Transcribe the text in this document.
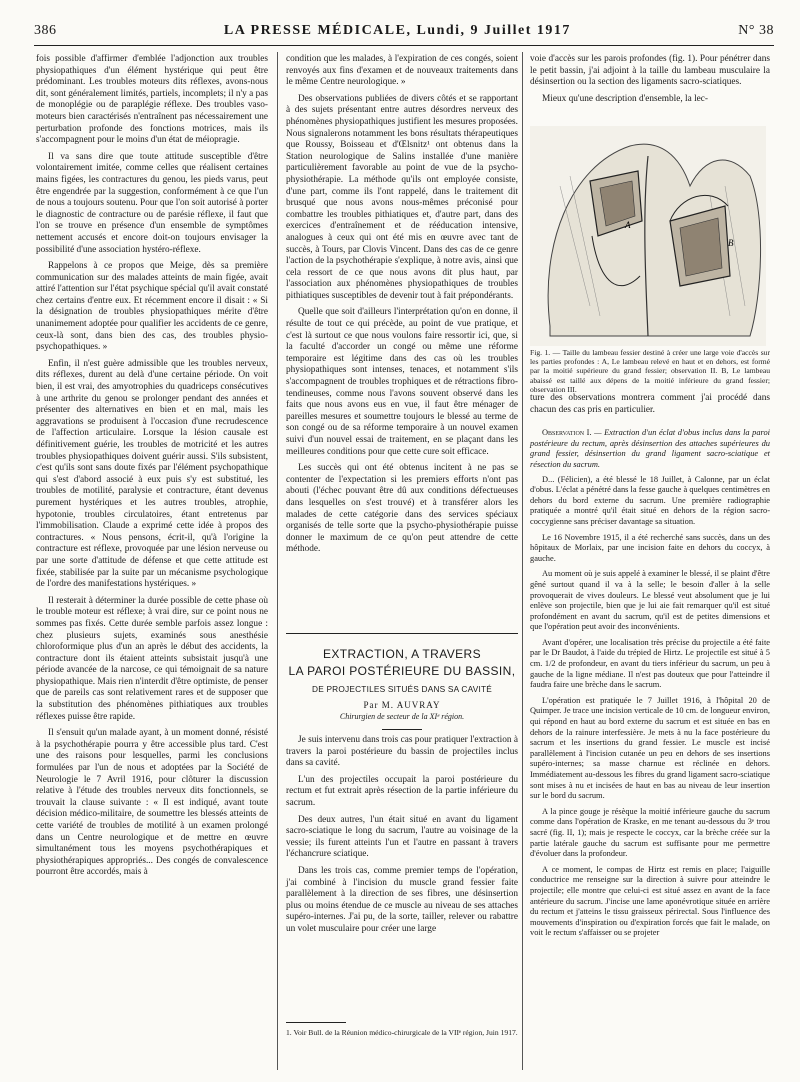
386	LA PRESSE MÉDICALE, Lundi, 9 Juillet 1917	N° 38

fois possible d'affirmer d'emblée l'adjonction aux troubles physiopathiques d'un élément hystérique qui peut être prédominant. Les troubles moteurs dits réflexes, avons-nous dit, sont généralement limités, partiels, incomplets; il n'y a pas de monoplégie ou de paraplégie réflexe. Des troubles vaso-moteurs bien caractérisés n'entraînent pas nécessairement une perturbation profonde des fonctions motrices, mais ils s'accompagnent pour le moins d'un état de méiopragie.

Il va sans dire que toute attitude susceptible d'être volontairement imitée, comme celles que réalisent certaines mains figées, les contractures du genou, les pieds varus, peut être engendrée par la suggestion, conformément à ce que l'un de nous a toujours soutenu. Pour que l'on soit autorisé à porter le diagnostic de contracture ou de parésie réflexe, il faut que l'on se trouve en présence d'un ensemble de symptômes nettement accusés et encore doit-on toujours envisager la possibilité d'une association hystéro-réflexe.

Rappelons à ce propos que Meige, dès sa première communication sur des malades atteints de main figée, avait attiré l'attention sur l'état psychique spécial qu'il avait constaté chez certains d'entre eux. Et récemment encore il disait : « Si la désignation de troubles physiopathiques mérite d'être unanimement adoptée pour qualifier les accidents de ce genre, ceux-là sont, dans bien des cas, des troubles physio-psychopathiques. »

Enfin, il n'est guère admissible que les troubles nerveux, dits réflexes, durent au delà d'une certaine période. On voit bien, il est vrai, des amyotrophies du quadriceps consécutives à une arthrite du genou se prolonger pendant des années et présenter des alternatives en bien et en mal, mais les aggravations se produisent à l'occasion d'une recrudescence de l'affection articulaire. Lorsque la lésion causale est définitivement guérie, les troubles de motricité et les autres troubles physiopathiques doivent guérir aussi. S'ils subsistent, c'est qu'ils sont sans doute fixés par l'élément psychopathique qui s'est d'abord associé à eux puis s'y est substitué, les troubles de motilité, paralysie et contracture, étant devenus purement hystériques et les autres troubles, atrophie, hypotonie, troubles circulatoires, étant entretenus par l'immobilisation. Claude a exprimé cette idée à propos des contractures. « Nous pensons, écrit-il, qu'à l'origine la contracture est réflexe, provoquée par une lésion nerveuse ou par une sorte d'attitude de défense et que cette attitude est fixée, stabilisée par la suite par un mécanisme psychologique de l'ordre des manifestations hystériques. »

Il resterait à déterminer la durée possible de cette phase où le trouble moteur est réflexe; à vrai dire, sur ce point nous ne sommes pas fixés. Cette durée semble parfois assez longue : chez plusieurs sujets, examinés sous anesthésie chloroformique plus d'un an après le début des accidents, la contracture dont ils étaient atteints subsistait jusqu'à une période avancée de la narcose, ce qui témoignait de sa nature physiopathique. Mais rien n'interdit d'être optimiste, de penser que de pareils cas sont relativement rares et de supposer que la substitution des phénomènes pithiatiques aux troubles réflexes puisse être rapide.

Il s'ensuit qu'un malade ayant, à un moment donné, résisté à la psychothérapie pourra y être accessible plus tard. C'est une des raisons pour lesquelles, parmi les conclusions formulées par l'un de nous et adoptées par la Société de Neurologie le 7 Avril 1916, pour clôturer la discussion relative à l'étude des troubles nerveux dits fonctionnels, se trouvait la clause suivante : « Il est indiqué, avant toute décision médico-militaire, de soumettre les blessés atteints de cette variété de troubles de motilité à un examen prolongé dans un Centre neurologique et de mettre en œuvre simultanément tous les moyens psychothérapiques et physiothérapiques appropriés... Des congés de convalescence pourront être accordés, mais à

condition que les malades, à l'expiration de ces congés, soient renvoyés aux fins d'examen et de nouveaux traitements dans le même Centre neurologique. »

Des observations publiées de divers côtés et se rapportant à des sujets présentant entre autres désordres nerveux des phénomènes physiopathiques justifient les mesures proposées. Nous signalerons notamment les bons résultats thérapeutiques que Roussy, Boisseau et d'Œlsnitz¹ ont obtenus dans la Station neurologique de Salins installée d'une manière particulièrement favorable au point de vue de la psycho-physiothérapie. La méthode qu'ils ont employée consiste, d'une part, comme ils l'ont rappelé, dans le traitement dit brusqué que nous avons nous-mêmes préconisé pour combattre les troubles pithiatiques et, d'autre part, dans des exercices d'entraînement et de rééducation intensive, analogues à ceux qui ont été mis en œuvre avec tant de succès, à Tours, par Clovis Vincent. Dans des cas de ce genre l'action de la psychothérapie s'explique, à notre avis, ainsi que cela ressort de ce que nous avons dit plus haut, par l'association aux phénomènes physiopathiques de troubles pithiatiques susceptibles de devenir tout à fait prépondérants.

Quelle que soit d'ailleurs l'interprétation qu'on en donne, il résulte de tout ce qui précède, au point de vue pratique, et c'est là surtout ce que nous voulons faire ressortir ici, que, si la faculté d'accorder un congé ou même une réforme temporaire est légitime dans des cas où les troubles physiopathiques sont intenses, tenaces, et notamment s'ils s'accompagnent de troubles trophiques et de rétractions fibro-tendineuses, comme nous l'avons souvent observé dans les faits que nous avons eus en vue, il faut être ménager de pareilles mesures et soumettre toujours le blessé au terme de son congé ou de sa réforme temporaire à un nouvel examen suivi d'un nouvel essai de traitement, en se plaçant dans les meilleures conditions pour que cette cure soit efficace.

Les succès qui ont été obtenus incitent à ne pas se contenter de l'expectation si les premiers efforts n'ont pas abouti (l'échec pouvant être dû aux conditions défectueuses dans lesquelles on s'est trouvé) et à transférer alors les malades de cette catégorie dans des services spéciaux organisés de telle sorte que la psycho-physiothérapie puisse donner le maximum de ce qu'on peut attendre de cette méthode.

EXTRACTION, A TRAVERS
LA PAROI POSTÉRIEURE DU BASSIN,
DE PROJECTILES SITUÉS DANS SA CAVITÉ
Par M. AUVRAY
Chirurgien de secteur de la XIᵉ région.

Je suis intervenu dans trois cas pour pratiquer l'extraction à travers la paroi postérieure du bassin de projectiles inclus dans sa cavité.

L'un des projectiles occupait la paroi postérieure du rectum et fut extrait après résection de la partie inférieure du sacrum.

Des deux autres, l'un était situé en avant du ligament sacro-sciatique le long du sacrum, l'autre au voisinage de la vessie; ils furent atteints l'un et l'autre en passant à travers l'échancrure sciatique.

Dans les trois cas, comme premier temps de l'opération, j'ai combiné à l'incision du muscle grand fessier faite parallèlement à la direction de ses fibres, une désinsertion plus ou moins étendue de ce muscle au niveau de ses attaches supéro-internes. J'ai pu, de la sorte, tailler, relever ou rabattre un volet musculaire pour créer une large

1. Voir Bull. de la Réunion médico-chirurgicale de la VIIᵉ région, Juin 1917.

voie d'accès sur les parois profondes (fig. 1). Pour pénétrer dans le petit bassin, j'ai adjoint à la taille du lambeau musculaire la désinsertion ou la section des ligaments sacro-sciatiques.

Mieux qu'une description d'ensemble, la lec-

A
B
Fig. 1. — Taille du lambeau fessier destiné à créer une large voie d'accès sur les parties profondes : A, Le lambeau relevé en haut et en dehors, est formé par la moitié supérieure du grand fessier; observation II. B, Le lambeau abaissé est taillé aux dépens de la moitié inférieure du grand fessier; observation III.

ture des observations montrera comment j'ai procédé dans chacun des cas pris en particulier.

Observation I. — Extraction d'un éclat d'obus inclus dans la paroi postérieure du rectum, après désinsertion des attaches supérieures du grand fessier, désinsertion du grand ligament sacro-sciatique et résection du sacrum.

D... (Félicien), a été blessé le 18 Juillet, à Calonne, par un éclat d'obus. L'éclat a pénétré dans la fesse gauche à quelques centimètres en dehors du bord externe du sacrum. Une première radiographie pratiquée a montré qu'il était situé en dehors de la région sacro-coccygienne sans préciser davantage sa situation.

Le 16 Novembre 1915, il a été recherché sans succès, dans un des hôpitaux de Morlaix, par une incision faite en dehors du coccyx, à gauche.

Au moment où je suis appelé à examiner le blessé, il se plaint d'être gêné surtout quand il va à la selle; le besoin d'aller à la selle provoquerait de vives douleurs. Le blessé veut absolument que je lui enlève son projectile, bien que je lui aie fait remarquer qu'il est situé profondément en avant du sacrum, qu'il est de petites dimensions et que l'opération peut avoir des inconvénients.

Avant d'opérer, une localisation très précise du projectile a été faite par le Dr Baudot, à l'aide du trépied de Hirtz. Le projectile est situé à 5 cm. 1/2 de profondeur, en avant du tiers inférieur du sacrum, un peu à gauche de la ligne médiane. Il n'est pas douteux que pour l'atteindre il faudra faire une brèche dans le sacrum.

L'opération est pratiquée le 7 Juillet 1916, à l'hôpital 20 de Quimper. Je trace une incision verticale de 10 cm. de longueur environ, qui répond en haut au bord externe du sacrum et est située en bas en dehors de la rainure interfessière. Je mets à nu la face postérieure du sacrum et les insertions du grand fessier. Le muscle est incisé parallèlement à l'incision cutanée un peu en dehors de ses insertions supéro-internes; sa masse charnue est réclinée en dehors. Immédiatement au-dessous les fibres du grand ligament sacro-sciatique sont mises à nu et incisées de haut en bas au niveau de leur insertion sur le bord du sacrum.

A la pince gouge je résèque la moitié inférieure gauche du sacrum comme dans l'opération de Kraske, en me tenant au-dessous du 3ᵉ trou sacré (fig. II, 1); mais je respecte le coccyx, car la brèche créée sur la partie latérale gauche du sacrum est suffisante pour me permettre d'évoluer dans la profondeur.

A ce moment, le compas de Hirtz est remis en place; l'aiguille conductrice me renseigne sur la direction à suivre pour atteindre le projectile; elle montre que celui-ci est situé assez en avant de la face antérieure du sacrum. J'incise une lame aponévrotique située en arrière du rectum et j'atteins le tissu graisseux périrectal. Sous l'influence des mouvements d'inspiration ou d'expiration forcés que fait le malade, on voit le rectum s'affaisser ou se projeter
